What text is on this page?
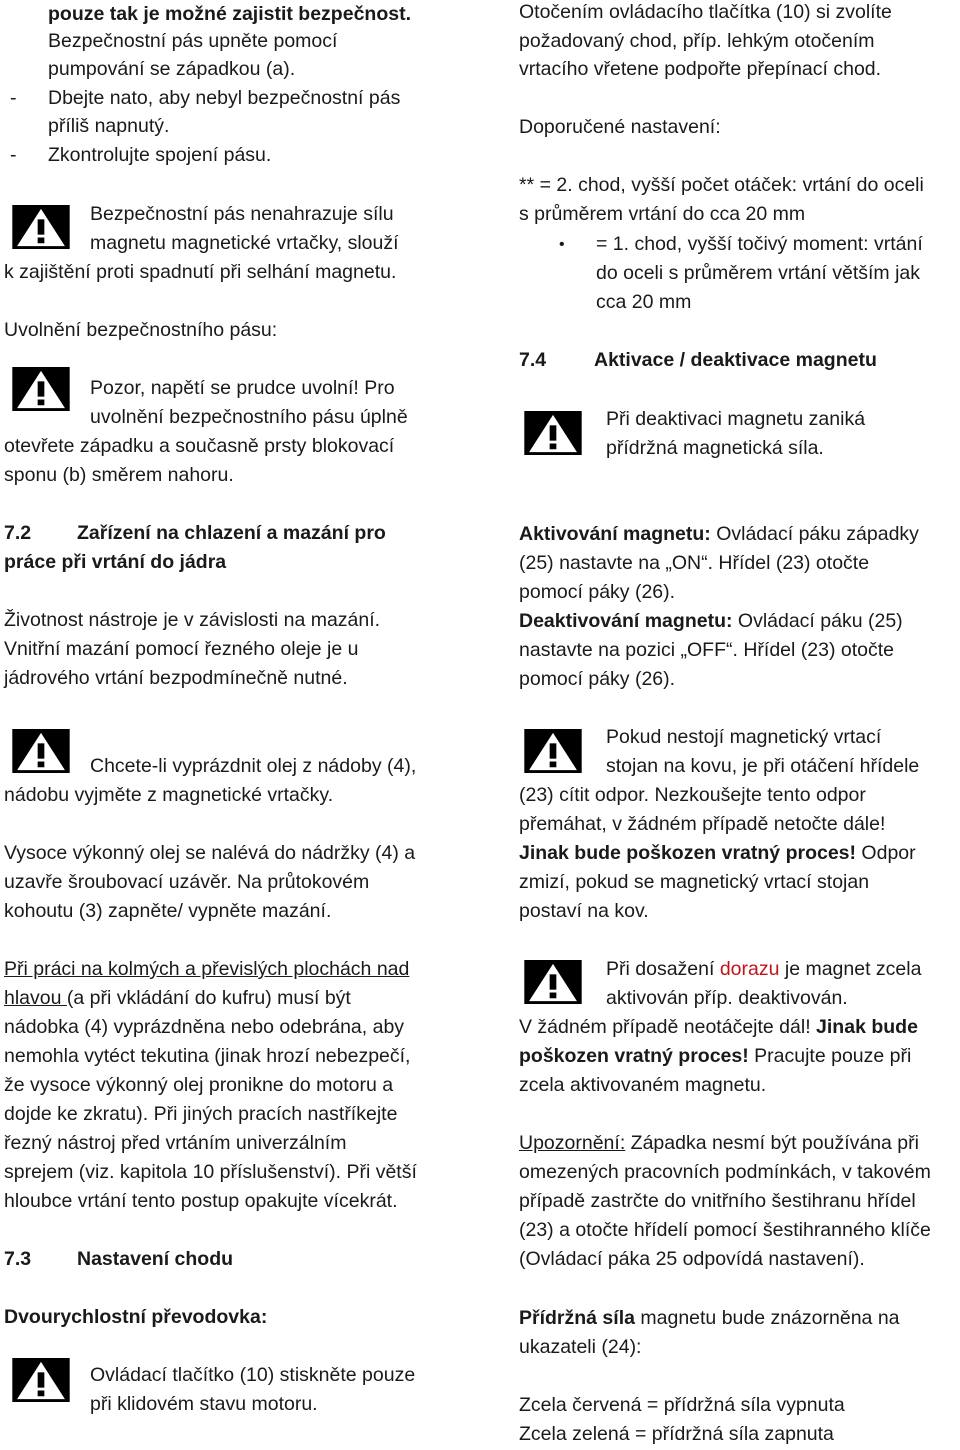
pouze tak je možné zajistit bezpečnost.
Bezpečnostní pás upněte pomocí
pumpování se západkou (a).
- Dbejte nato, aby nebyl bezpečnostní pás
příliš napnutý.
- Zkontrolujte spojení pásu.
Bezpečnostní pás nenahrazuje sílu
magnetu magnetické vrtačky, slouží
k zajištění proti spadnutí při selhání magnetu.
Uvolnění bezpečnostního pásu:
Pozor, napětí se prudce uvolní! Pro
uvolnění bezpečnostního pásu úplně
otevřete západku a současně prsty blokovací
sponu (b) směrem nahoru.
7.2 Zařízení na chlazení a mazání pro
práce při vrtání do jádra
Životnost nástroje je v závislosti na mazání.
Vnitřní mazání pomocí řezného oleje je u
jádrového vrtání bezpodmínečně nutné.
Chcete-li vyprázdnit olej z nádoby (4),
nádobu vyjměte z magnetické vrtačky.
Vysoce výkonný olej se nalévá do nádržky (4) a
uzavře šroubovací uzávěr. Na průtokovém
kohoutu (3) zapněte/ vypněte mazání.
Při práci na kolmých a převislých plochách nad
hlavou (a při vkládání do kufru) musí být
nádobka (4) vyprázdněna nebo odebrána, aby
nemohla vytéct tekutina (jinak hrozí nebezpečí,
že vysoce výkonný olej pronikne do motoru a
dojde ke zkratu). Při jiných pracích nastříkejte
řezný nástroj před vrtáním univerzálním
sprejem (viz. kapitola 10 příslušenství). Při větší
hloubce vrtání tento postup opakujte vícekrát.
7.3 Nastavení chodu
Dvourychlostní převodovka:
Ovládací tlačítko (10) stiskněte pouze
při klidovém stavu motoru.
Otočením ovládacího tlačítka (10) si zvolíte
požadovaný chod, příp. lehkým otočením
vrtacího vřetene podpořte přepínací chod.
Doporučené nastavení:
** = 2. chod, vyšší počet otáček: vrtání do oceli
s průměrem vrtání do cca 20 mm
• = 1. chod, vyšší točivý moment: vrtání
do oceli s průměrem vrtání větším jak
cca 20 mm
7.4 Aktivace / deaktivace magnetu
Při deaktivaci magnetu zaniká
přídržná magnetická síla.
Aktivování magnetu: Ovládací páku západky
(25) nastavte na „ON“. Hřídel (23) otočte
pomocí páky (26).
Deaktivování magnetu: Ovládací páku (25)
nastavte na pozici „OFF“. Hřídel (23) otočte
pomocí páky (26).
Pokud nestojí magnetický vrtací
stojan na kovu, je při otáčení hřídele
(23) cítit odpor. Nezkoušejte tento odpor
přemáhat, v žádném případě netočte dále!
Jinak bude poškozen vratný proces! Odpor
zmizí, pokud se magnetický vrtací stojan
postaví na kov.
Při dosažení dorazu je magnet zcela
aktivován příp. deaktivován.
V žádném případě neotáčejte dál! Jinak bude
poškozen vratný proces! Pracujte pouze při
zcela aktivovaném magnetu.
Upozornění: Západka nesmí být používána při
omezených pracovních podmínkách, v takovém
případě zastrčte do vnitřního šestihranu hřídel
(23) a otočte hřídelí pomocí šestihranného klíče
(Ovládací páka 25 odpovídá nastavení).
Přídržná síla magnetu bude znázorněna na
ukazateli (24):
Zcela červená = přídržná síla vypnuta
Zcela zelená = přídržná síla zapnuta
